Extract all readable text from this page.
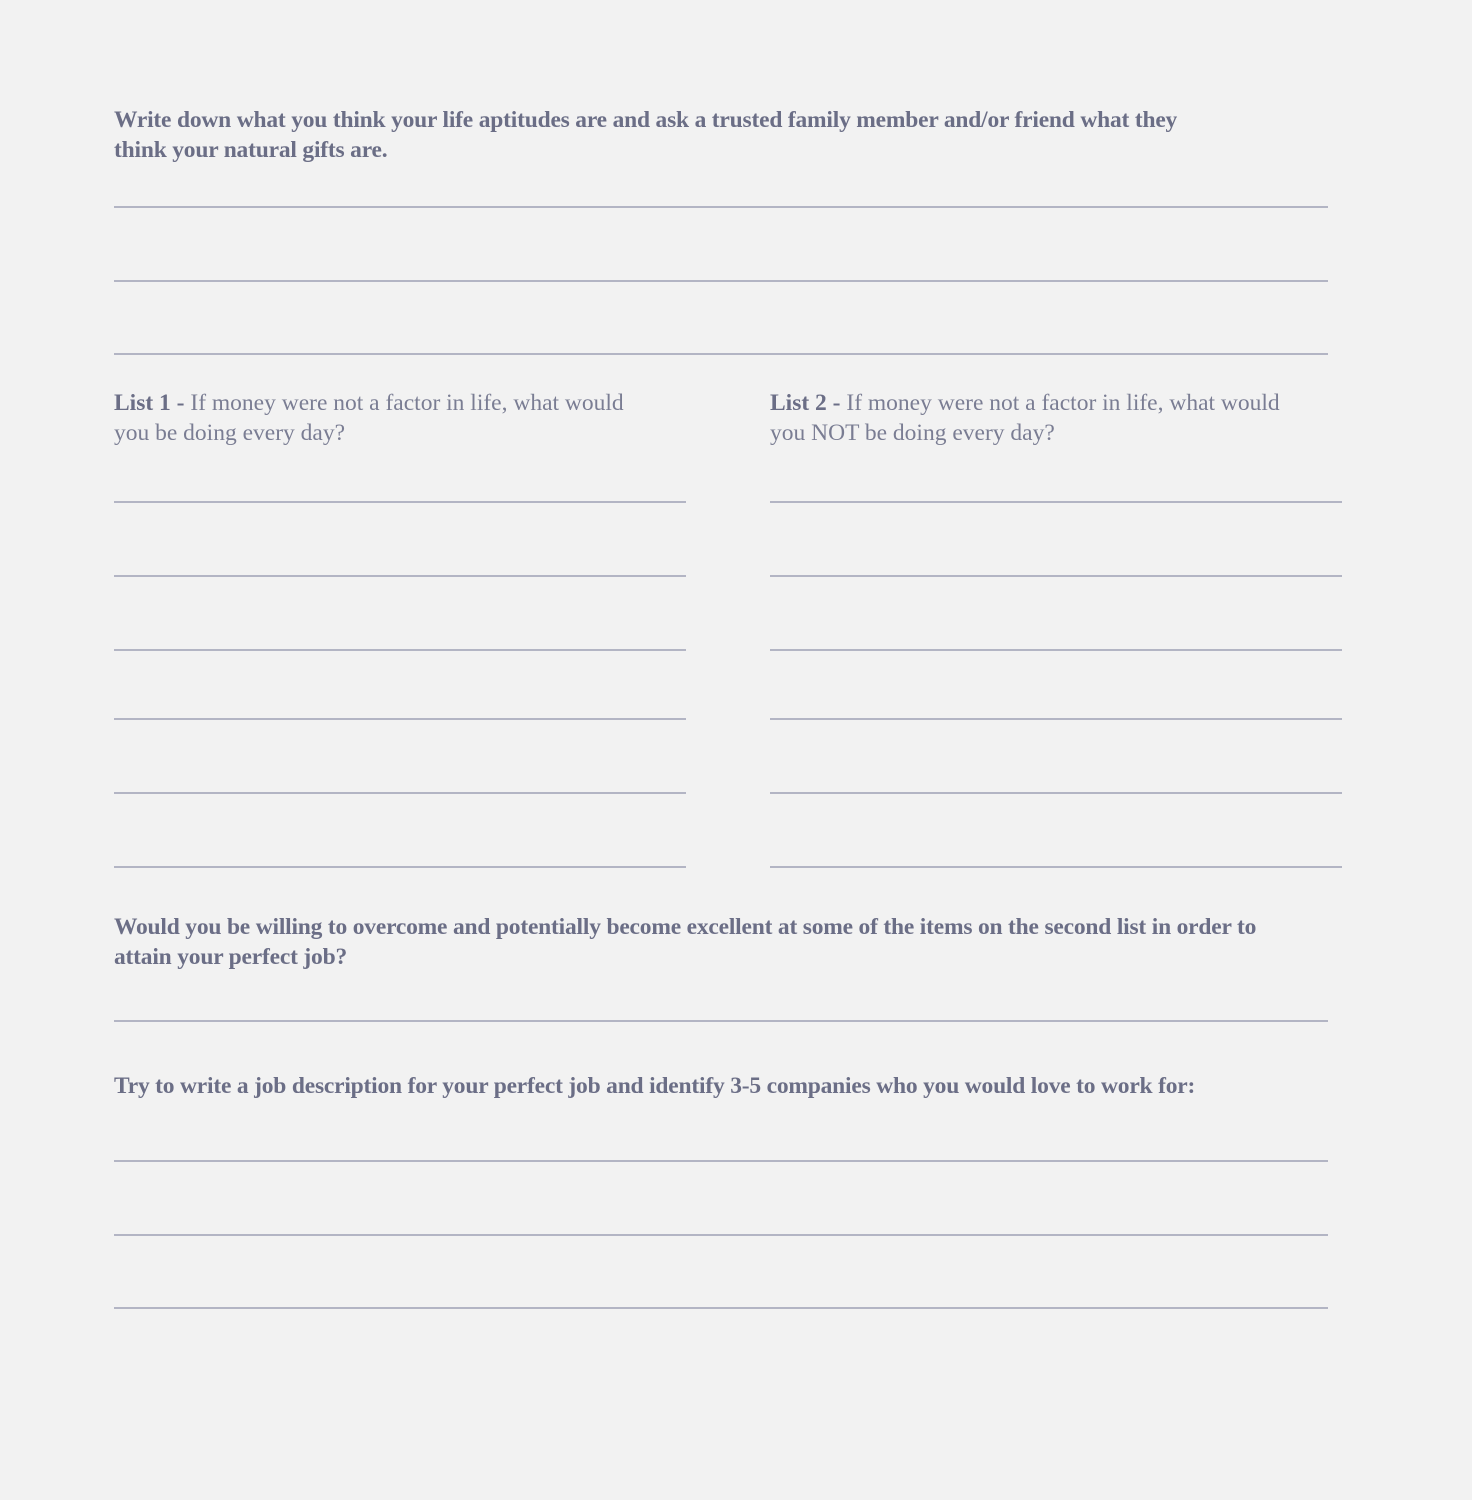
Write down what you think your life aptitudes are and ask a trusted family member and/or friend what they
think your natural gifts are.

List 1 - If money were not a factor in life, what would
you be doing every day?

List 2 - If money were not a factor in life, what would
you NOT be doing every day?

Would you be willing to overcome and potentially become excellent at some of the items on the second list in order to
attain your perfect job?

Try to write a job description for your perfect job and identify 3-5 companies who you would love to work for:
